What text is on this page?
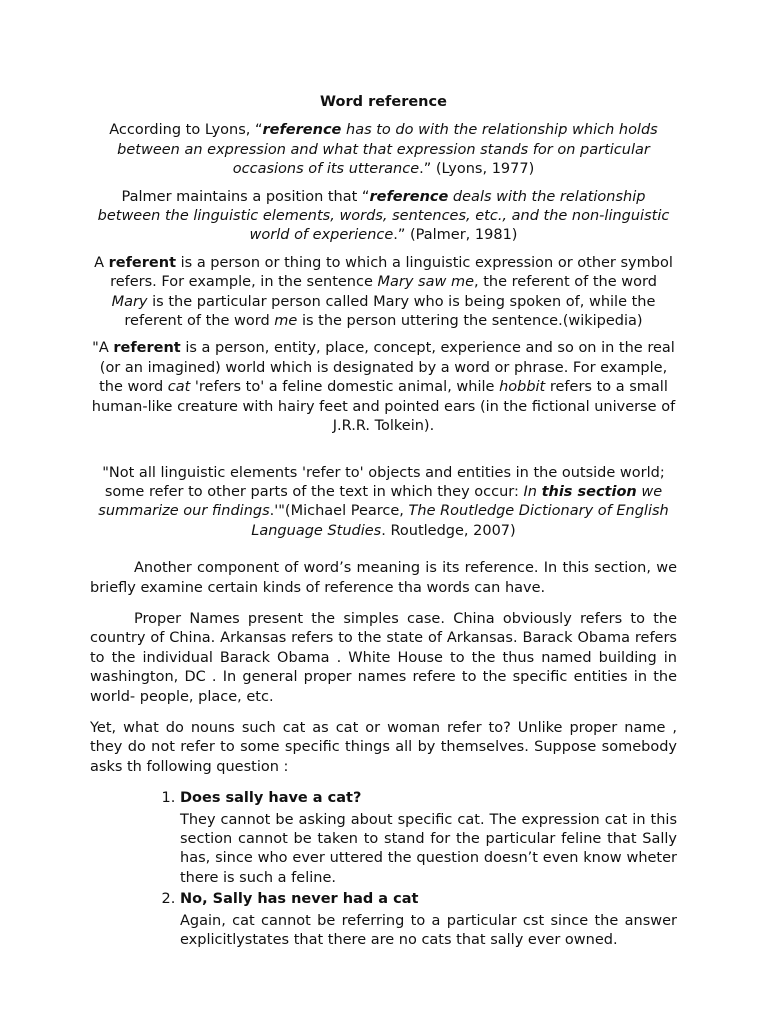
Word reference

According to Lyons, “reference has to do with the relationship which holds between an expression and what that expression stands for on particular occasions of its utterance.” (Lyons, 1977)

Palmer maintains a position that “reference deals with the relationship between the linguistic elements, words, sentences, etc., and the non-linguistic world of experience.” (Palmer, 1981)

A referent is a person or thing to which a linguistic expression or other symbol refers. For example, in the sentence Mary saw me, the referent of the word Mary is the particular person called Mary who is being spoken of, while the referent of the word me is the person uttering the sentence.(wikipedia)

"A referent is a person, entity, place, concept, experience and so on in the real (or an imagined) world which is designated by a word or phrase. For example, the word cat 'refers to' a feline domestic animal, while hobbit refers to a small human-like creature with hairy feet and pointed ears (in the fictional universe of J.R.R. Tolkein).

"Not all linguistic elements 'refer to' objects and entities in the outside world; some refer to other parts of the text in which they occur: In this section we summarize our findings.'"(Michael Pearce, The Routledge Dictionary of English Language Studies. Routledge, 2007)

Another component of word’s meaning is its reference. In this section, we briefly examine certain kinds of reference tha words can have.

Proper Names present the simples case. China obviously refers to the country of China. Arkansas refers to the state of Arkansas. Barack Obama refers to the individual Barack Obama . White House to the thus named building in washington, DC . In general proper names refere to the specific entities in the world- people, place, etc.

Yet, what do nouns such cat as cat or woman refer to? Unlike proper name , they do not refer to some specific things all by themselves. Suppose somebody asks th following question :

1. Does sally have a cat?

They cannot be asking about specific cat. The expression cat in this section cannot be taken to stand for the particular feline that Sally has, since who ever uttered the question doesn’t even know wheter there is such a feline.

2. No, Sally has never had a cat

Again, cat cannot be referring to a particular cst since the answer explicitlystates that there are no cats that sally ever owned.
